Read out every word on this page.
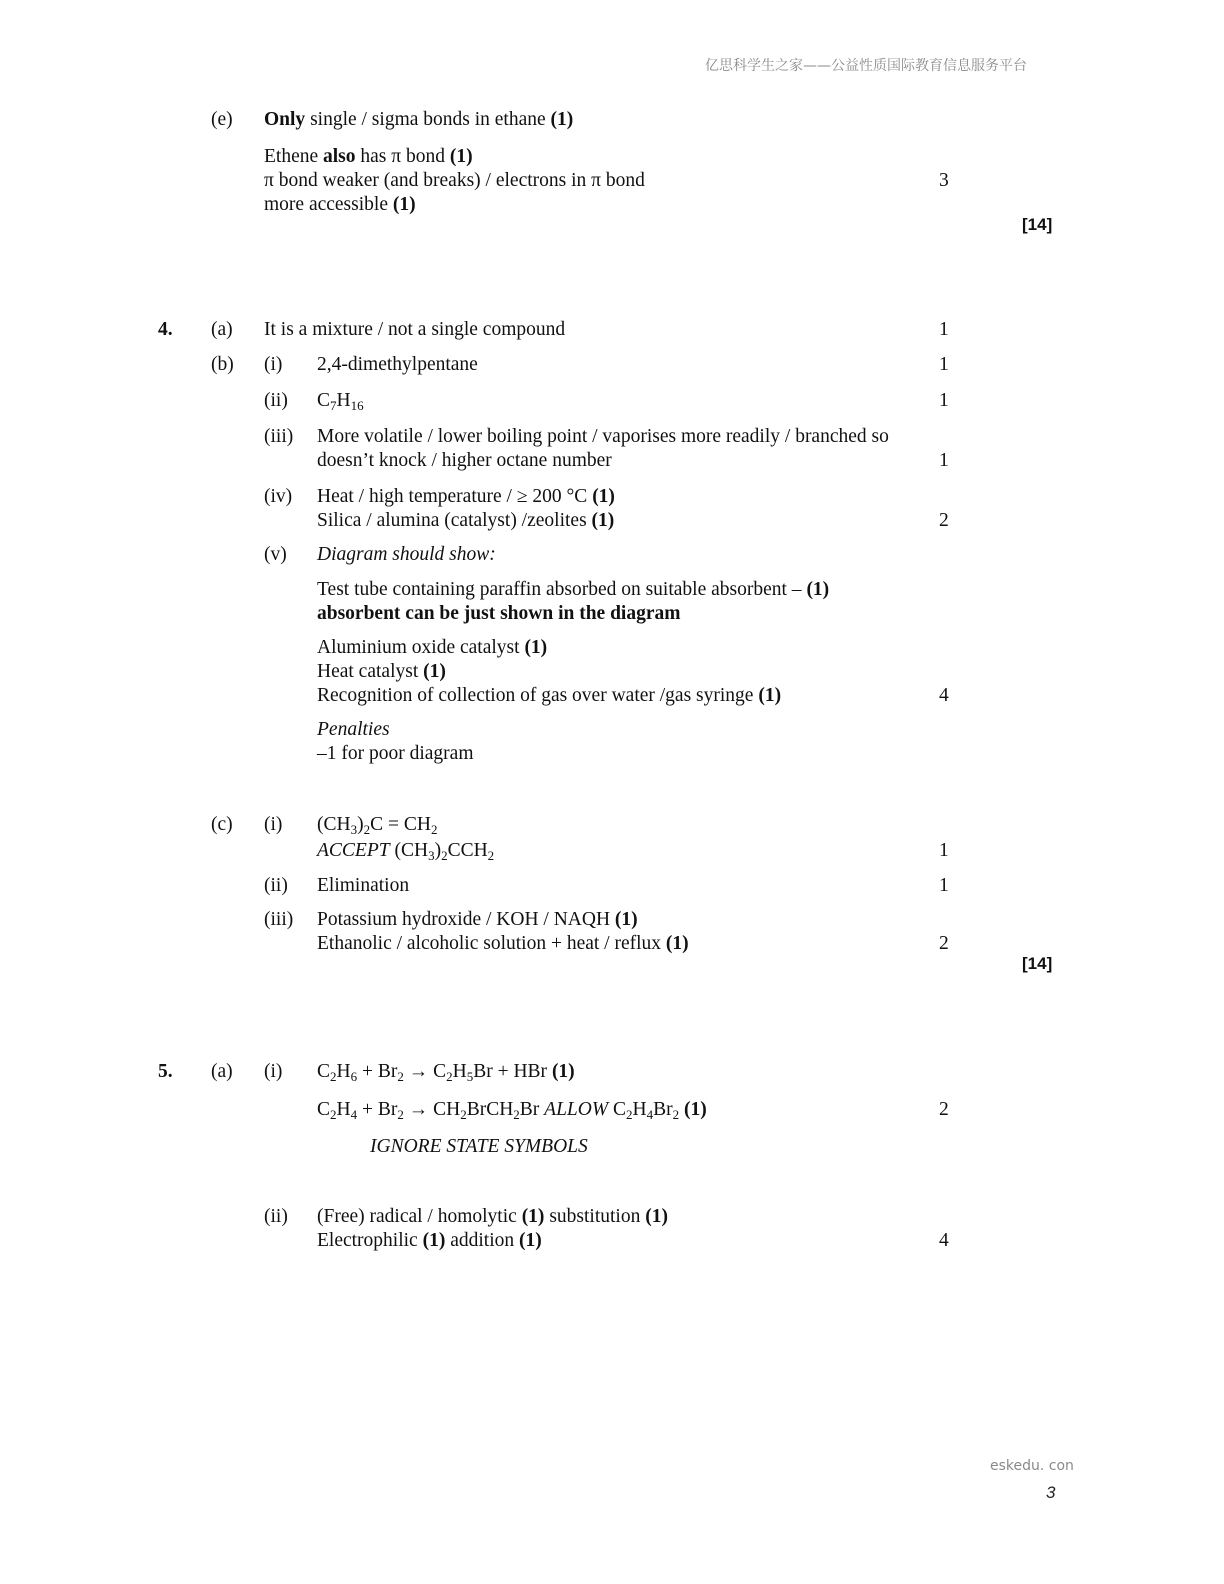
亿思科学生之家——公益性质国际教育信息服务平台
(e) Only single / sigma bonds in ethane (1)
Ethene also has π bond (1)
π bond weaker (and breaks) / electrons in π bond
more accessible (1)
3
[14]
4. (a) It is a mixture / not a single compound	1
(b) (i) 2,4-dimethylpentane	1
(ii) $C_7H_{16}$	1
(iii) More volatile / lower boiling point / vaporises more readily / branched so
doesn’t knock / higher octane number	1
(iv) Heat / high temperature / ≥ 200 °C (1)
Silica / alumina (catalyst) /zeolites (1)	2
(v) Diagram should show:
Test tube containing paraffin absorbed on suitable absorbent – (1)
absorbent can be just shown in the diagram
Aluminium oxide catalyst (1)
Heat catalyst (1)
Recognition of collection of gas over water /gas syringe (1)	4
Penalties
–1 for poor diagram
(c) (i) $(CH_3)_2C = CH_2$
ACCEPT $(CH_3)_2CCH_2$	1
(ii) Elimination	1
(iii) Potassium hydroxide / KOH / NAQH (1)
Ethanolic / alcoholic solution + heat / reflux (1)	2
[14]
5. (a) (i) $C_2H_6 + Br_2 \to C_2H_5Br$ + HBr (1)
$C_2H_4 + Br_2$ → $CH_2BrCH_2Br$ ALLOW $C_2H_4Br_2$ (1)	2
IGNORE STATE SYMBOLS
(ii) (Free) radical / homolytic (1) substitution (1)
Electrophilic (1) addition (1)	4
eskedu. con
3
